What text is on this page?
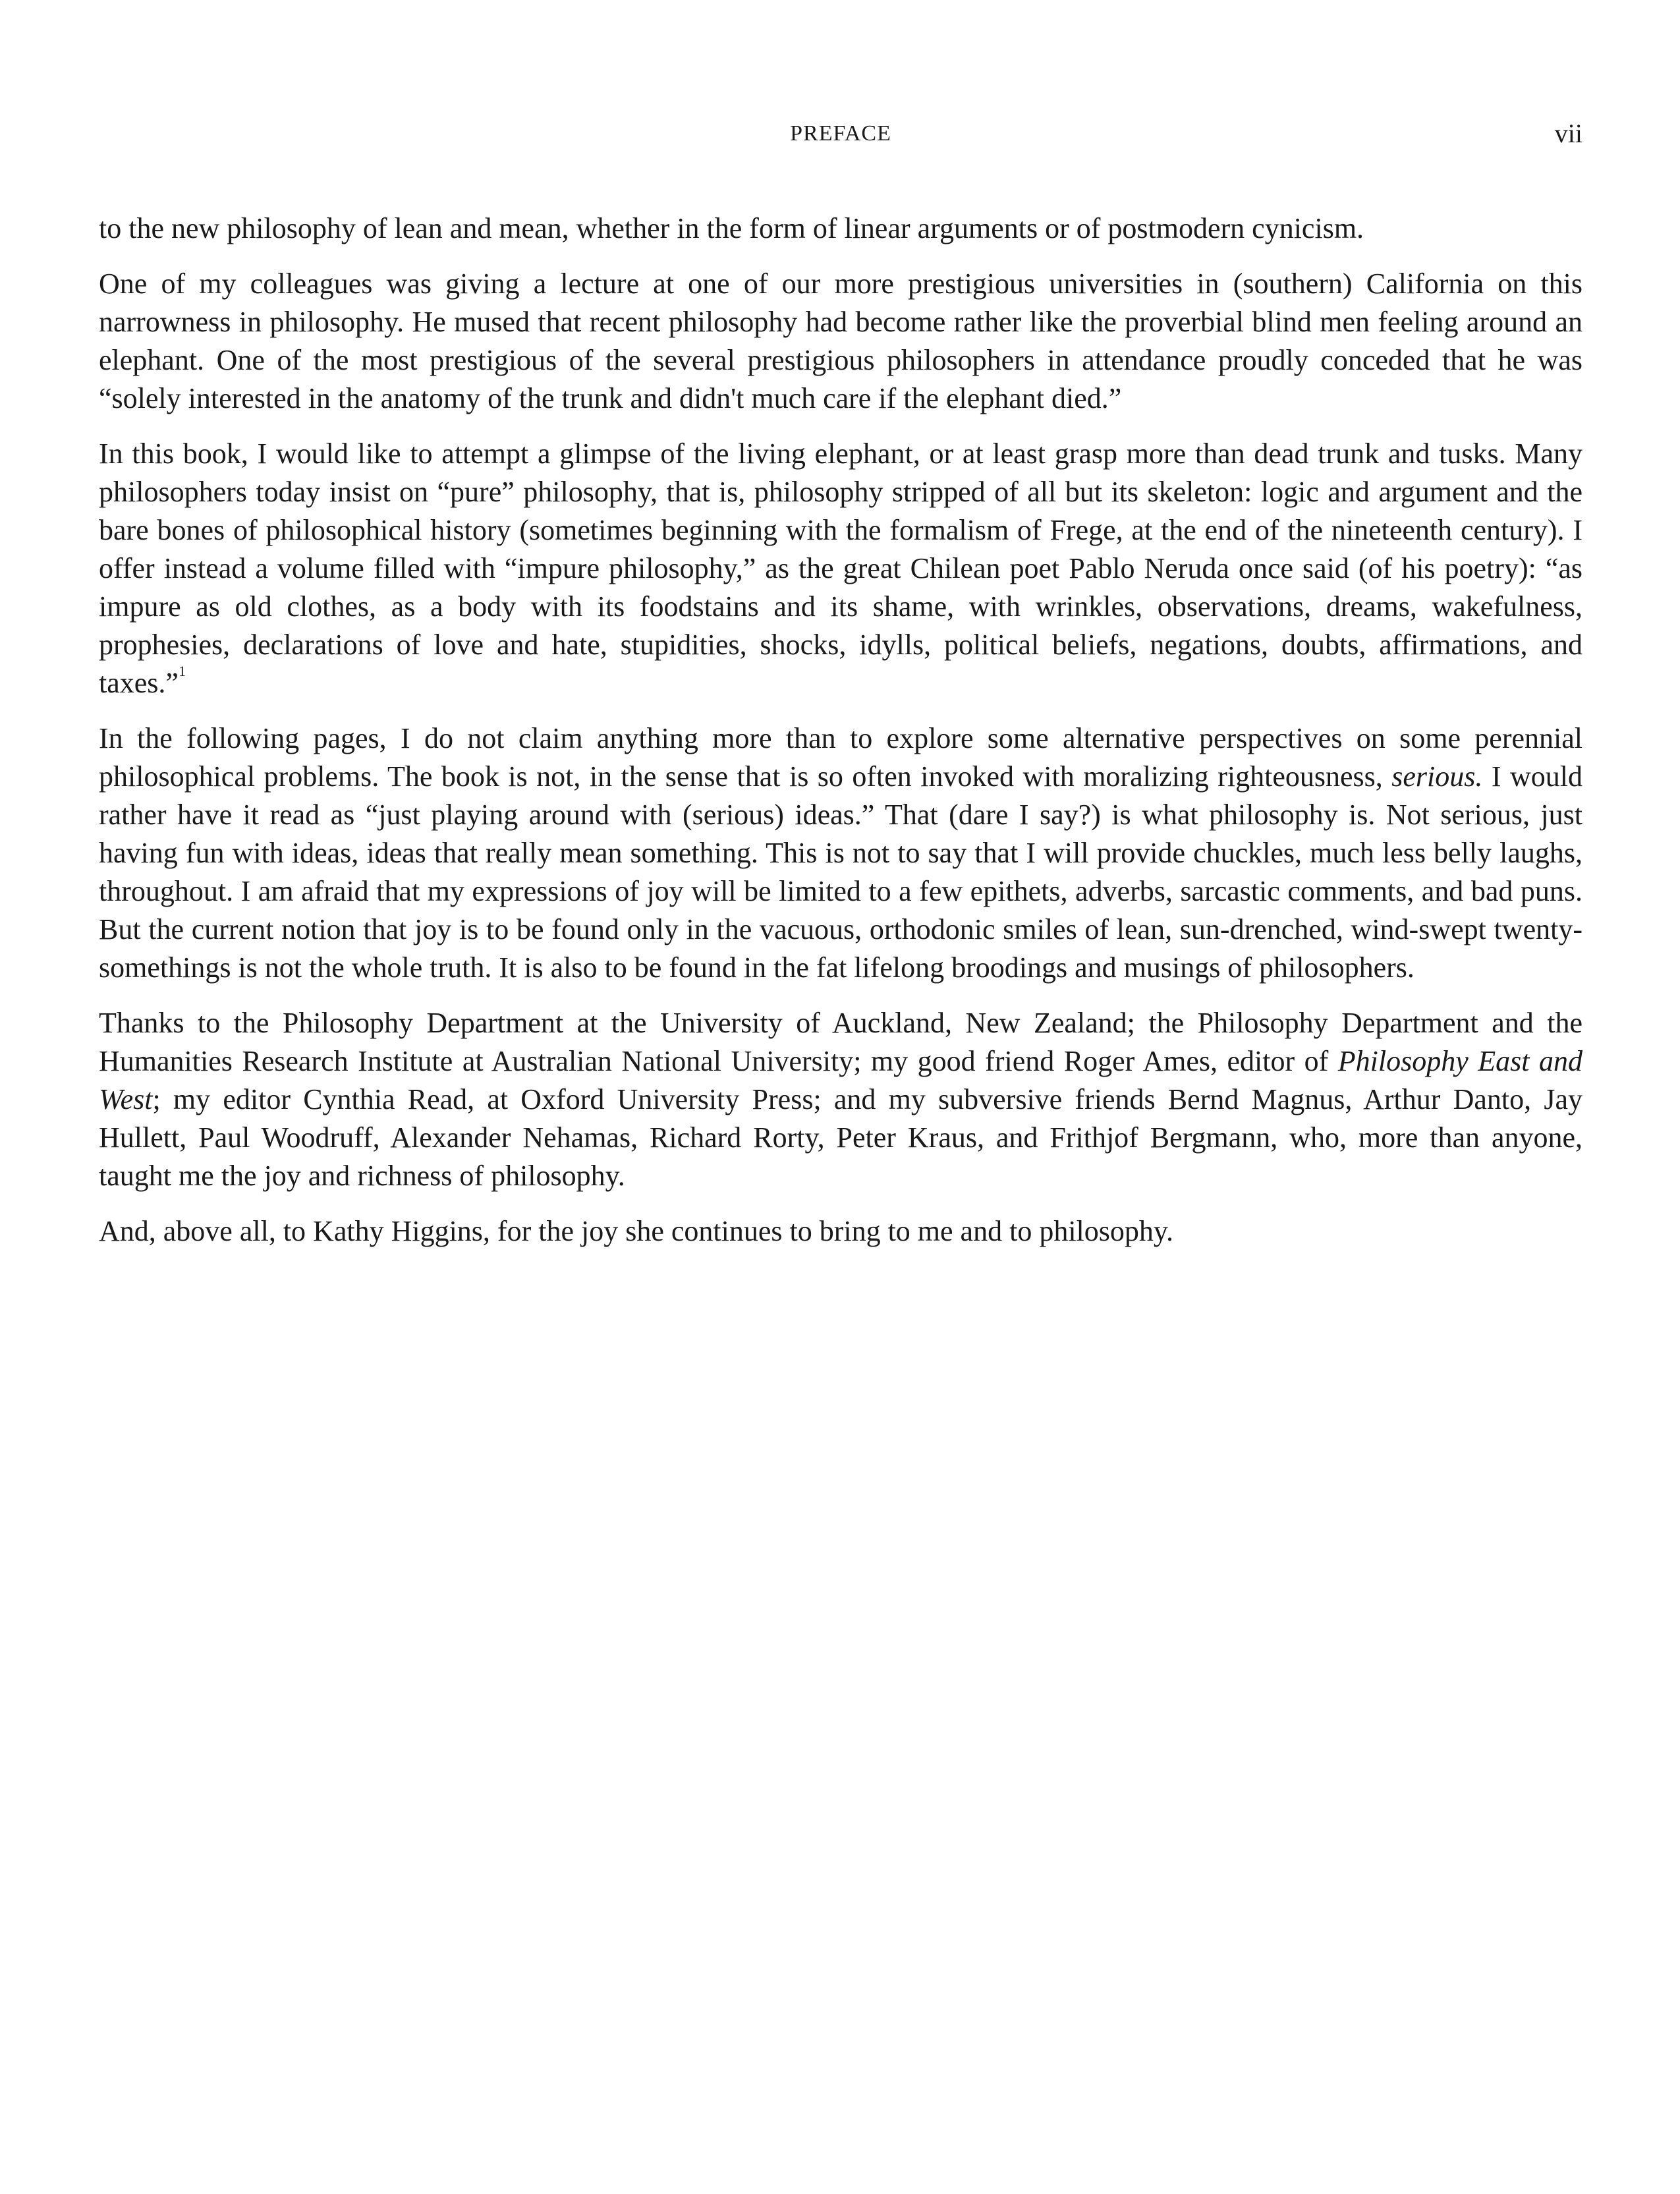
PREFACE	vii

to the new philosophy of lean and mean, whether in the form of linear arguments or of postmodern cynicism.

One of my colleagues was giving a lecture at one of our more prestigious universities in (southern) California on this narrowness in philosophy. He mused that recent philosophy had become rather like the proverbial blind men feeling around an elephant. One of the most prestigious of the several prestigious philosophers in attendance proudly conceded that he was “solely interested in the anatomy of the trunk and didn't much care if the elephant died.”

In this book, I would like to attempt a glimpse of the living elephant, or at least grasp more than dead trunk and tusks. Many philosophers today insist on “pure” philosophy, that is, philosophy stripped of all but its skeleton: logic and argument and the bare bones of philosophical history (sometimes beginning with the formalism of Frege, at the end of the nineteenth century). I offer instead a volume filled with “impure philosophy,” as the great Chilean poet Pablo Neruda once said (of his poetry): “as impure as old clothes, as a body with its foodstains and its shame, with wrinkles, observations, dreams, wakefulness, prophesies, declarations of love and hate, stupidities, shocks, idylls, political beliefs, negations, doubts, affirmations, and taxes.”$^1$

In the following pages, I do not claim anything more than to explore some alternative perspectives on some perennial philosophical problems. The book is not, in the sense that is so often invoked with moralizing righteousness, serious. I would rather have it read as “just playing around with (serious) ideas.” That (dare I say?) is what philosophy is. Not serious, just having fun with ideas, ideas that really mean something. This is not to say that I will provide chuckles, much less belly laughs, throughout. I am afraid that my expressions of joy will be limited to a few epithets, adverbs, sarcastic comments, and bad puns. But the current notion that joy is to be found only in the vacuous, orthodonic smiles of lean, sun-drenched, wind-swept twenty-somethings is not the whole truth. It is also to be found in the fat lifelong broodings and musings of philosophers.

Thanks to the Philosophy Department at the University of Auckland, New Zealand; the Philosophy Department and the Humanities Research Institute at Australian National University; my good friend Roger Ames, editor of Philosophy East and West; my editor Cynthia Read, at Oxford University Press; and my subversive friends Bernd Magnus, Arthur Danto, Jay Hullett, Paul Woodruff, Alexander Nehamas, Richard Rorty, Peter Kraus, and Frithjof Bergmann, who, more than anyone, taught me the joy and richness of philosophy.

And, above all, to Kathy Higgins, for the joy she continues to bring to me and to philosophy.
